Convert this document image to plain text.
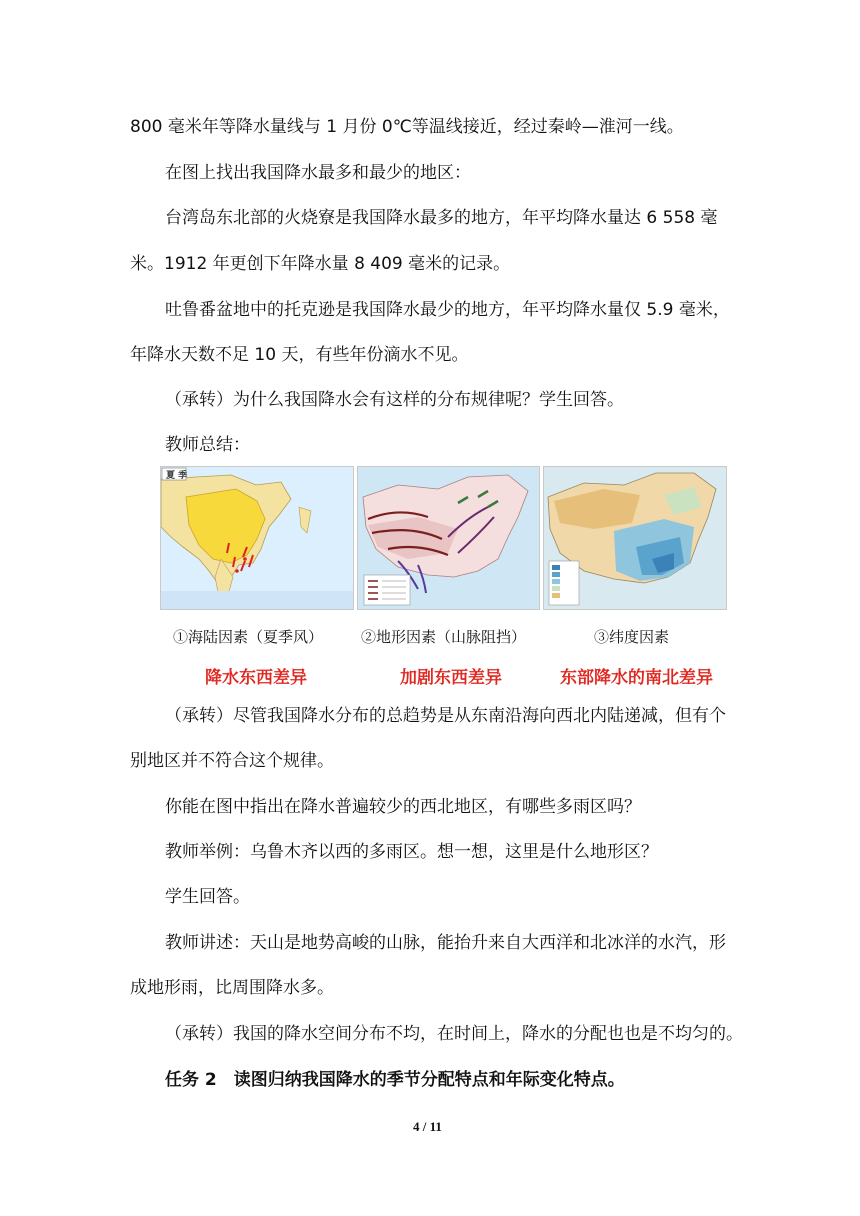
800 毫米年等降水量线与 1 月份 0℃等温线接近，经过秦岭—淮河一线。
在图上找出我国降水最多和最少的地区：
台湾岛东北部的火烧寮是我国降水最多的地方，年平均降水量达 6 558 毫
米。1912 年更创下年降水量 8 409 毫米的记录。
吐鲁番盆地中的托克逊是我国降水最少的地方，年平均降水量仅 5.9 毫米，
年降水天数不足 10 天，有些年份滴水不见。
（承转）为什么我国降水会有这样的分布规律呢？学生回答。
教师总结：
夏 季
①海陆因素（夏季风）	②地形因素（山脉阻挡）	③纬度因素
降水东西差异	加剧东西差异	东部降水的南北差异
（承转）尽管我国降水分布的总趋势是从东南沿海向西北内陆递减，但有个
别地区并不符合这个规律。
你能在图中指出在降水普遍较少的西北地区，有哪些多雨区吗？
教师举例：乌鲁木齐以西的多雨区。想一想，这里是什么地形区？
学生回答。
教师讲述：天山是地势高峻的山脉，能抬升来自大西洋和北冰洋的水汽，形
成地形雨，比周围降水多。
（承转）我国的降水空间分布不均，在时间上，降水的分配也也是不均匀的。
任务 2　读图归纳我国降水的季节分配特点和年际变化特点。
4 / 11
